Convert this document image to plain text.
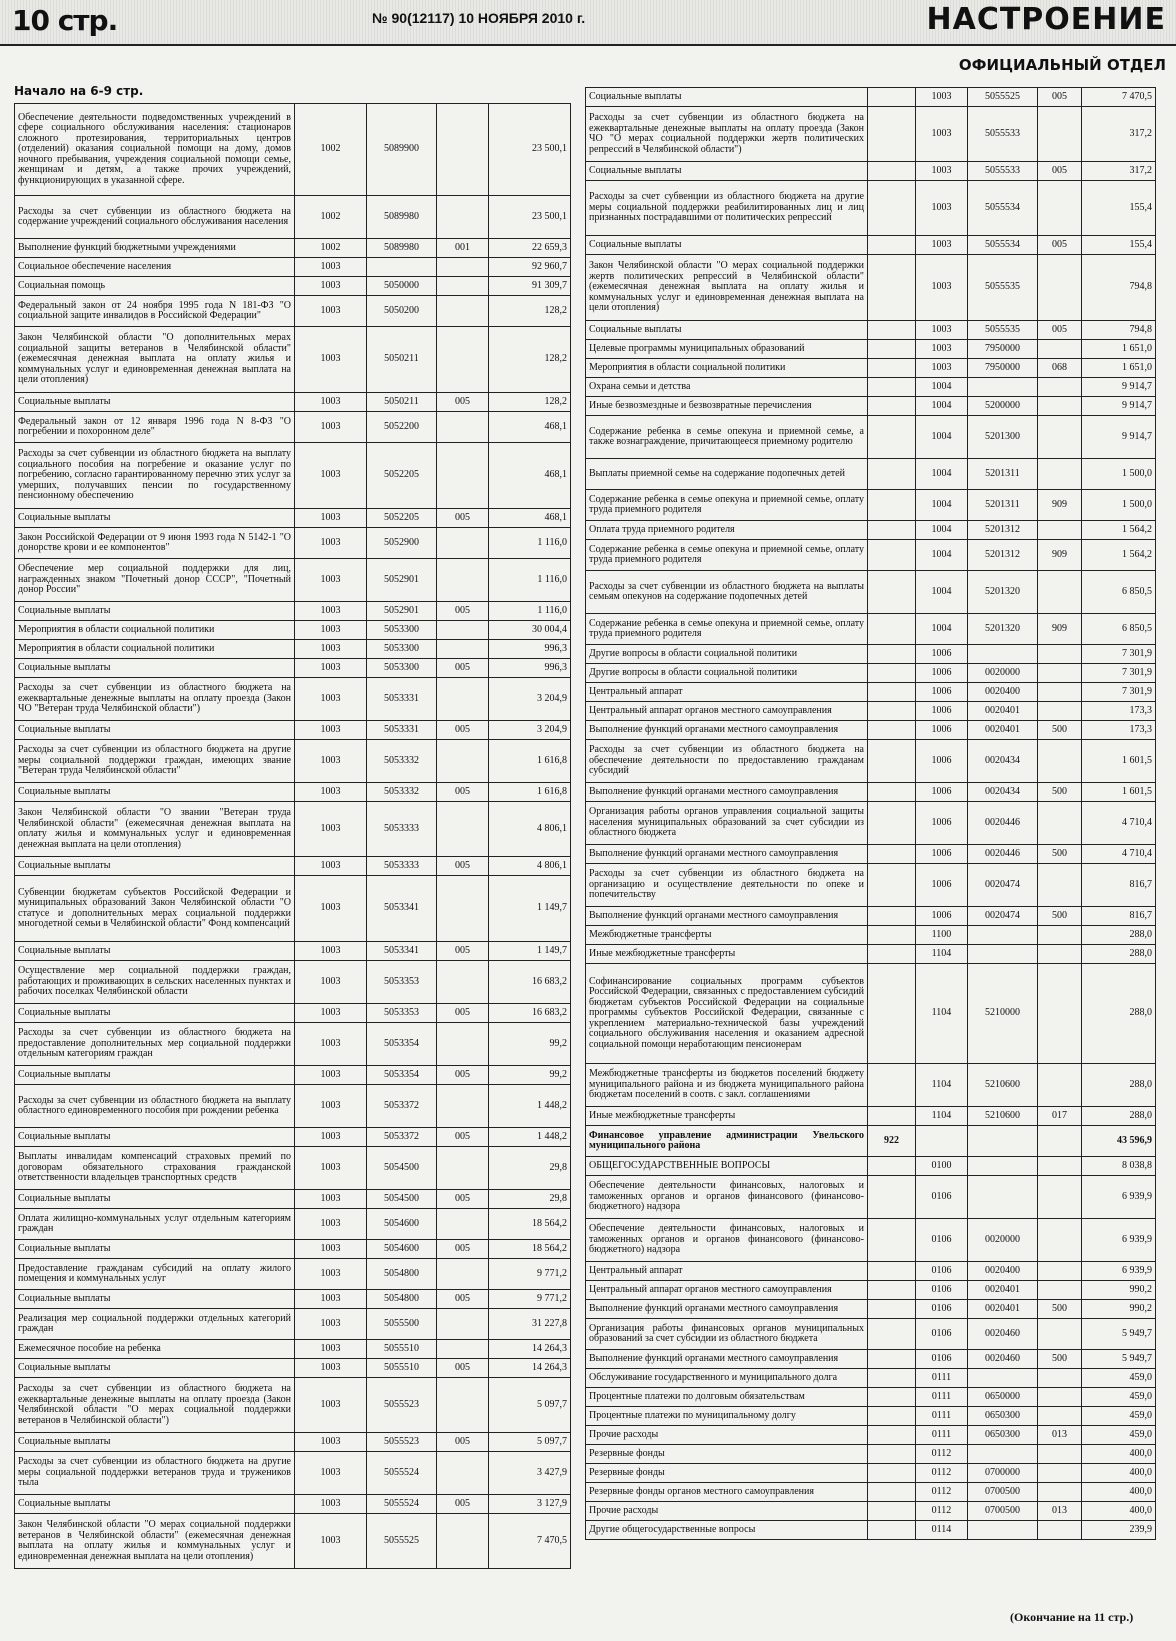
10 стр.	№ 90(12117) 10 НОЯБРЯ 2010 г.	НАСТРОЕНИЕ
ОФИЦИАЛЬНЫЙ ОТДЕЛ
Начало на 6-9 стр.
Обеспечение деятельности подведомственных учреждений в сфере социального обслуживания населения: стационаров сложного протезирования, территориальных центров (отделений) оказания социальной помощи на дому, домов ночного пребывания, учреждения социальной помощи семье, женщинам и детям, а также прочих учреждений, функционирующих в указанной сфере.	1002	5089900		23 500,1
Расходы за счет субвенции из областного бюджета на содержание учреждений социального обслуживания населения	1002	5089980		23 500,1
Выполнение функций бюджетными учреждениями	1002	5089980	001	22 659,3
Социальное обеспечение населения	1003			92 960,7
Социальная помощь	1003	5050000		91 309,7
Федеральный закон от 24 ноября 1995 года N 181-ФЗ "О социальной защите инвалидов в Российской Федерации"	1003	5050200		128,2
Закон Челябинской области "О дополнительных мерах социальной защиты ветеранов в Челябинской области" (ежемесячная денежная выплата на оплату жилья и коммунальных услуг и единовременная денежная выплата на цели отопления)	1003	5050211		128,2
Социальные выплаты	1003	5050211	005	128,2
Федеральный закон от 12 января 1996 года N 8-ФЗ "О погребении и похоронном деле"	1003	5052200		468,1
Расходы за счет субвенции из областного бюджета на выплату социального пособия на погребение и оказание услуг по погребению, согласно гарантированному перечню этих услуг за умерших, получавших пенсии по государственному пенсионному обеспечению	1003	5052205		468,1
Социальные выплаты	1003	5052205	005	468,1
Закон Российской Федерации от 9 июня 1993 года N 5142-1 "О донорстве крови и ее компонентов"	1003	5052900		1 116,0
Обеспечение мер социальной поддержки для лиц, награжденных знаком "Почетный донор СССР", "Почетный донор России"	1003	5052901		1 116,0
Социальные выплаты	1003	5052901	005	1 116,0
Мероприятия в области социальной политики	1003	5053300		30 004,4
Мероприятия в области социальной политики	1003	5053300		996,3
Социальные выплаты	1003	5053300	005	996,3
Расходы за счет субвенции из областного бюджета на ежеквартальные денежные выплаты на оплату проезда (Закон ЧО "Ветеран труда Челябинской области")	1003	5053331		3 204,9
Социальные выплаты	1003	5053331	005	3 204,9
Расходы за счет субвенции из областного бюджета на другие меры социальной поддержки граждан, имеющих звание "Ветеран труда Челябинской области"	1003	5053332		1 616,8
Социальные выплаты	1003	5053332	005	1 616,8
Закон Челябинской области "О звании "Ветеран труда Челябинской области" (ежемесячная денежная выплата на оплату жилья и коммунальных услуг и единовременная денежная выплата на цели отопления)	1003	5053333		4 806,1
Социальные выплаты	1003	5053333	005	4 806,1
Субвенции бюджетам субъектов Российской Федерации и муниципальных образований Закон Челябинской области "О статусе и дополнительных мерах социальной поддержки многодетной семьи в Челябинской области" Фонд компенсаций	1003	5053341		1 149,7
Социальные выплаты	1003	5053341	005	1 149,7
Осуществление мер социальной поддержки граждан, работающих и проживающих в сельских населенных пунктах и рабочих поселках Челябинской области	1003	5053353		16 683,2
Социальные выплаты	1003	5053353	005	16 683,2
Расходы за счет субвенции из областного бюджета на предоставление дополнительных мер социальной поддержки отдельным категориям граждан	1003	5053354		99,2
Социальные выплаты	1003	5053354	005	99,2
Расходы за счет субвенции из областного бюджета на выплату областного единовременного пособия при рождении ребенка	1003	5053372		1 448,2
Социальные выплаты	1003	5053372	005	1 448,2
Выплаты инвалидам компенсаций страховых премий по договорам обязательного страхования гражданской ответственности владельцев транспортных средств	1003	5054500		29,8
Социальные выплаты	1003	5054500	005	29,8
Оплата жилищно-коммунальных услуг отдельным категориям граждан	1003	5054600		18 564,2
Социальные выплаты	1003	5054600	005	18 564,2
Предоставление гражданам субсидий на оплату жилого помещения и коммунальных услуг	1003	5054800		9 771,2
Социальные выплаты	1003	5054800	005	9 771,2
Реализация мер социальной поддержки отдельных категорий граждан	1003	5055500		31 227,8
Ежемесячное пособие на ребенка	1003	5055510		14 264,3
Социальные выплаты	1003	5055510	005	14 264,3
Расходы за счет субвенции из областного бюджета на ежеквартальные денежные выплаты на оплату проезда (Закон Челябинской области "О мерах социальной поддержки ветеранов в Челябинской области")	1003	5055523		5 097,7
Социальные выплаты	1003	5055523	005	5 097,7
Расходы за счет субвенции из областного бюджета на другие меры социальной поддержки ветеранов труда и тружеников тыла	1003	5055524		3 427,9
Социальные выплаты	1003	5055524	005	3 127,9
Закон Челябинской области "О мерах социальной поддержки ветеранов в Челябинской области" (ежемесячная денежная выплата на оплату жилья и коммунальных услуг и единовременная денежная выплата на цели отопления)	1003	5055525		7 470,5
Социальные выплаты		1003	5055525	005	7 470,5
Расходы за счет субвенции из областного бюджета на ежеквартальные денежные выплаты на оплату проезда (Закон ЧО "О мерах социальной поддержки жертв политических репрессий в Челябинской области")		1003	5055533		317,2
Социальные выплаты		1003	5055533	005	317,2
Расходы за счет субвенции из областного бюджета на другие меры социальной поддержки реабилитированных лиц и лиц признанных пострадавшими от политических репрессий		1003	5055534		155,4
Социальные выплаты		1003	5055534	005	155,4
Закон Челябинской области "О мерах социальной поддержки жертв политических репрессий в Челябинской области" (ежемесячная денежная выплата на оплату жилья и коммунальных услуг и единовременная денежная выплата на цели отопления)		1003	5055535		794,8
Социальные выплаты		1003	5055535	005	794,8
Целевые программы муниципальных образований		1003	7950000		1 651,0
Мероприятия в области социальной политики		1003	7950000	068	1 651,0
Охрана семьи и детства		1004			9 914,7
Иные безвозмездные и безвозвратные перечисления		1004	5200000		9 914,7
Содержание ребенка в семье опекуна и приемной семье, а также вознаграждение, причитающееся приемному родителю		1004	5201300		9 914,7
Выплаты приемной семье на содержание подопечных детей		1004	5201311		1 500,0
Содержание ребенка в семье опекуна и приемной семье, оплату труда приемного родителя		1004	5201311	909	1 500,0
Оплата труда приемного родителя		1004	5201312		1 564,2
Содержание ребенка в семье опекуна и приемной семье, оплату труда приемного родителя		1004	5201312	909	1 564,2
Расходы за счет субвенции из областного бюджета на выплаты семьям опекунов на содержание подопечных детей		1004	5201320		6 850,5
Содержание ребенка в семье опекуна и приемной семье, оплату труда приемного родителя		1004	5201320	909	6 850,5
Другие вопросы в области социальной политики		1006			7 301,9
Другие вопросы в области социальной политики		1006	0020000		7 301,9
Центральный аппарат		1006	0020400		7 301,9
Центральный аппарат органов местного самоуправления		1006	0020401		173,3
Выполнение функций органами местного самоуправления		1006	0020401	500	173,3
Расходы за счет субвенции из областного бюджета на обеспечение деятельности по предоставлению гражданам субсидий		1006	0020434		1 601,5
Выполнение функций органами местного самоуправления		1006	0020434	500	1 601,5
Организация работы органов управления социальной защиты населения муниципальных образований за счет субсидии из областного бюджета		1006	0020446		4 710,4
Выполнение функций органами местного самоуправления		1006	0020446	500	4 710,4
Расходы за счет субвенции из областного бюджета на организацию и осуществление деятельности по опеке и попечительству		1006	0020474		816,7
Выполнение функций органами местного самоуправления		1006	0020474	500	816,7
Межбюджетные трансферты		1100			288,0
Иные межбюджетные трансферты		1104			288,0
Софинансирование социальных программ субъектов Российской Федерации, связанных с предоставлением субсидий бюджетам субъектов Российской Федерации на социальные программы субъектов Российской Федерации, связанные с укреплением материально-технической базы учреждений социального обслуживания населения и оказанием адресной социальной помощи неработающим пенсионерам		1104	5210000		288,0
Межбюджетные трансферты из бюджетов поселений бюджету муниципального района и из бюджета муниципального района бюджетам поселений в соотв. с закл. соглашениями		1104	5210600		288,0
Иные межбюджетные трансферты		1104	5210600	017	288,0
Финансовое управление администрации Увельского муниципального района	922				43 596,9
ОБЩЕГОСУДАРСТВЕННЫЕ ВОПРОСЫ		0100			8 038,8
Обеспечение деятельности финансовых, налоговых и таможенных органов и органов финансового (финансово-бюджетного) надзора		0106			6 939,9
Обеспечение деятельности финансовых, налоговых и таможенных органов и органов финансового (финансово-бюджетного) надзора		0106	0020000		6 939,9
Центральный аппарат		0106	0020400		6 939,9
Центральный аппарат органов местного самоуправления		0106	0020401		990,2
Выполнение функций органами местного самоуправления		0106	0020401	500	990,2
Организация работы финансовых органов муниципальных образований за счет субсидии из областного бюджета		0106	0020460		5 949,7
Выполнение функций органами местного самоуправления		0106	0020460	500	5 949,7
Обслуживание государственного и муниципального долга		0111			459,0
Процентные платежи по долговым обязательствам		0111	0650000		459,0
Процентные платежи по муниципальному долгу		0111	0650300		459,0
Прочие расходы		0111	0650300	013	459,0
Резервные фонды		0112			400,0
Резервные фонды		0112	0700000		400,0
Резервные фонды органов местного самоуправления		0112	0700500		400,0
Прочие расходы		0112	0700500	013	400,0
Другие общегосударственные вопросы		0114			239,9
(Окончание на 11 стр.)
